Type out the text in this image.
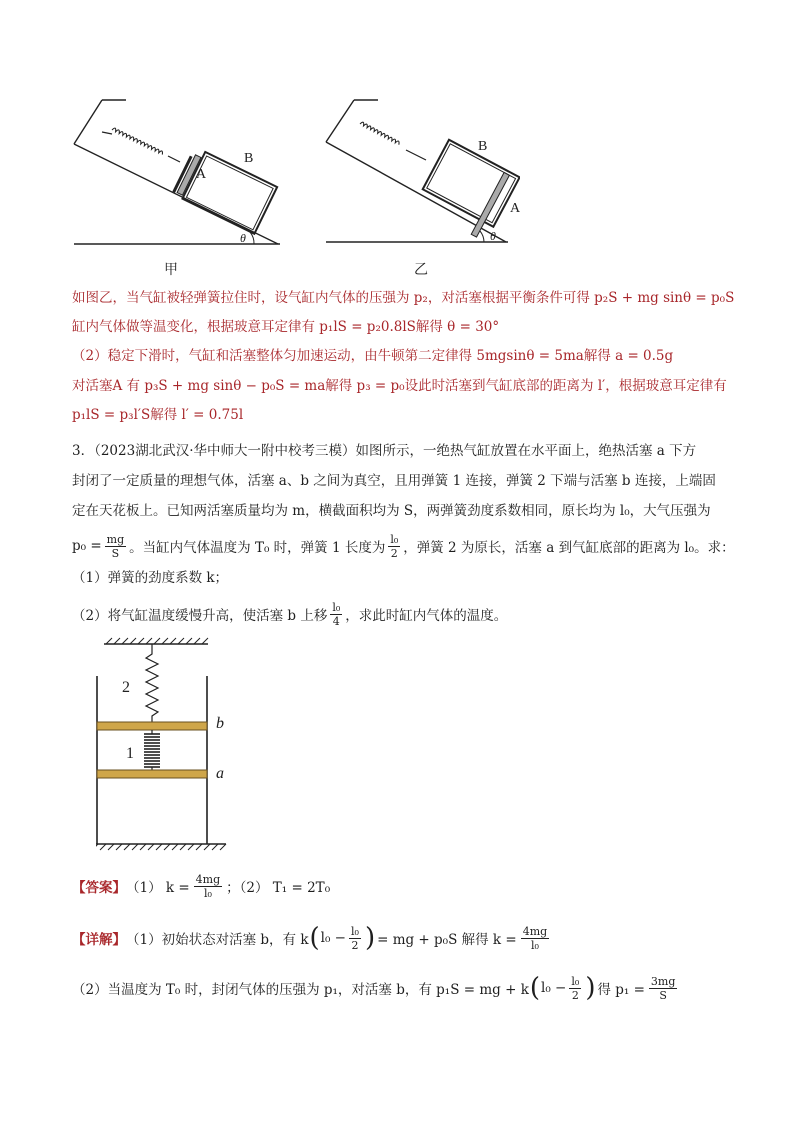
B
A
θ
甲
B
A
θ
乙
如图乙，当气缸被轻弹簧拉住时，设气缸内气体的压强为 p₂，对活塞根据平衡条件可得 p₂S + mg sinθ = p₀S
缸内气体做等温变化，根据玻意耳定律有 p₁lS = p₂0.8lS解得 θ = 30°
（2）稳定下滑时，气缸和活塞整体匀加速运动，由牛顿第二定律得 5mgsinθ = 5ma解得 a = 0.5g
对活塞A 有 p₃S + mg sinθ − p₀S = ma解得 p₃ = p₀设此时活塞到气缸底部的距离为 l′，根据玻意耳定律有
p₁lS = p₃l′S解得 l′ = 0.75l
3．（2023湖北武汉·华中师大一附中校考三模）如图所示，一绝热气缸放置在水平面上，绝热活塞 a 下方
封闭了一定质量的理想气体，活塞 a、b 之间为真空，且用弹簧 1 连接，弹簧 2 下端与活塞 b 连接，上端固
定在天花板上。已知两活塞质量均为 m，横截面积均为 S，两弹簧劲度系数相同，原长均为 l₀，大气压强为
$p_0 = \frac{mg}{S}$ 。当缸内气体温度为 T₀ 时，弹簧 1 长度为 $\frac{\text{l₀}}{2}$ ，弹簧 2 为原长，活塞 a 到气缸底部的距离为 l₀。求：
（1）弹簧的劲度系数 k；
（2）将气缸温度缓慢升高，使活塞 b 上移 $\frac{\text{l₀}}{4}$ ，求此时缸内气体的温度。
2
1
b
a
【答案】 （1） $k = \frac{4mg}{\text{l₀}}$ ；（2） T₁ = 2T₀
【详解】 （1）初始状态对活塞 b，有 k ( $l_0 - \frac{\text{l₀}}{2}$ ) = mg + p₀S 解得 $k = \frac{4mg}{\text{l₀}}$
（2）当温度为 T₀ 时，封闭气体的压强为 p₁，对活塞 b，有 p₁S = mg + k ( $l_0 - \frac{\text{l₀}}{2}$ ) 得 $p_1 = \frac{3mg}{S}$
